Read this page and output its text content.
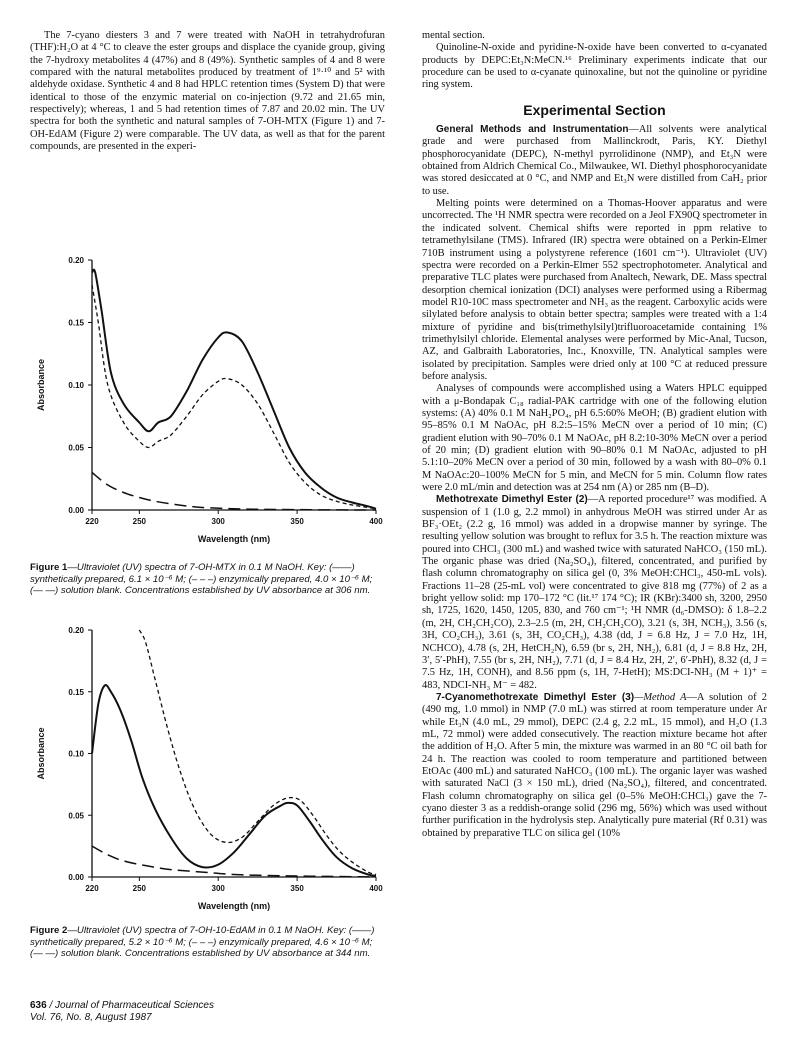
The 7-cyano diesters 3 and 7 were treated with NaOH in tetrahydrofuran (THF):H₂O at 4 °C to cleave the ester groups and displace the cyanide group, giving the 7-hydroxy metabolites 4 (47%) and 8 (49%). Synthetic samples of 4 and 8 were compared with the natural metabolites produced by treatment of 1⁹·¹⁰ and 5² with aldehyde oxidase. Synthetic 4 and 8 had HPLC retention times (System D) that were identical to those of the enzymic material on co-injection (9.72 and 21.65 min, respectively); whereas, 1 and 5 had retention times of 7.87 and 20.02 min. The UV spectra for both the synthetic and natural samples of 7-OH-MTX (Figure 1) and 7-OH-EdAM (Figure 2) were comparable. The UV data, as well as that for the parent compounds, are presented in the experi-

220	250	300	350	400
0.00
0.05
0.10
0.15
0.20
Wavelength (nm)
Absorbance
Figure 1—Ultraviolet (UV) spectra of 7-OH-MTX in 0.1 M NaOH. Key: (——) synthetically prepared, 6.1 × 10⁻⁶ M; (– – –) enzymically prepared, 4.0 × 10⁻⁶ M; (— —) solution blank. Concentrations established by UV absorbance at 306 nm.
220	250	300	350	400
0.00
0.05
0.10
0.15
0.20
Wavelength (nm)
Absorbance
Figure 2—Ultraviolet (UV) spectra of 7-OH-10-EdAM in 0.1 M NaOH. Key: (——) synthetically prepared, 5.2 × 10⁻⁶ M; (– – –) enzymically prepared, 4.6 × 10⁻⁶ M; (— —) solution blank. Concentrations established by UV absorbance at 344 nm.

mental section.

Quinoline-N-oxide and pyridine-N-oxide have been converted to α-cyanated products by DEPC:Et₃N:MeCN.¹⁶ Preliminary experiments indicate that our procedure can be used to α-cyanate quinoxaline, but not the quinoline or pyridine ring system.

Experimental Section

General Methods and Instrumentation—All solvents were analytical grade and were purchased from Mallinckrodt, Paris, KY. Diethyl phosphorocyanidate (DEPC), N-methyl pyrrolidinone (NMP), and Et₃N were obtained from Aldrich Chemical Co., Milwaukee, WI. Diethyl phosphorocyanidate was stored desiccated at 0 °C, and NMP and Et₃N were distilled from CaH₂ prior to use.

Melting points were determined on a Thomas-Hoover apparatus and were uncorrected. The ¹H NMR spectra were recorded on a Jeol FX90Q spectrometer in the indicated solvent. Chemical shifts were reported in ppm relative to tetramethylsilane (TMS). Infrared (IR) spectra were obtained on a Perkin-Elmer 710B instrument using a polystyrene reference (1601 cm⁻¹). Ultraviolet (UV) spectra were recorded on a Perkin-Elmer 552 spectrophotometer. Analytical and preparative TLC plates were purchased from Analtech, Newark, DE. Mass spectral desorption chemical ionization (DCI) analyses were performed using a Ribermag model R10-10C mass spectrometer and NH₃ as the reagent. Carboxylic acids were silylated before analysis to obtain better spectra; samples were treated with a 1:4 mixture of pyridine and bis(trimethylsilyl)trifluoroacetamide containing 1% trimethylsilyl chloride. Elemental analyses were performed by Mic-Anal, Tucson, AZ, and Galbraith Laboratories, Inc., Knoxville, TN. Analytical samples were isolated by precipitation. Samples were dried only at 100 °C at reduced pressure before analysis.

Analyses of compounds were accomplished using a Waters HPLC equipped with a μ-Bondapak C₁₈ radial-PAK cartridge with one of the following elution systems: (A) 40% 0.1 M NaH₂PO₄, pH 6.5:60% MeOH; (B) gradient elution with 95–85% 0.1 M NaOAc, pH 8.2:5–15% MeCN over a period of 10 min; (C) gradient elution with 90–70% 0.1 M NaOAc, pH 8.2:10-30% MeCN over a period of 20 min; (D) gradient elution with 90–80% 0.1 M NaOAc, adjusted to pH 5.1:10–20% MeCN over a period of 30 min, followed by a wash with 80–0% 0.1 M NaOAc:20–100% MeCN for 5 min, and MeCN for 5 min. Column flow rates were 2.0 mL/min and detection was at 254 nm (A) or 285 nm (B–D).

Methotrexate Dimethyl Ester (2)—A reported procedure¹⁷ was modified. A suspension of 1 (1.0 g, 2.2 mmol) in anhydrous MeOH was stirred under Ar as BF₃·OEt₂ (2.2 g, 16 mmol) was added in a dropwise manner by syringe. The resulting yellow solution was brought to reflux for 3.5 h. The reaction mixture was poured into CHCl₃ (300 mL) and washed twice with saturated NaHCO₃ (150 mL). The organic phase was dried (Na₂SO₄), filtered, concentrated, and purified by flash column chromatography on silica gel (0, 3% MeOH:CHCl₃, 450-mL vols). Fractions 11–28 (25-mL vol) were concentrated to give 818 mg (77%) of 2 as a bright yellow solid: mp 170–172 °C (lit.¹⁷ 174 °C); IR (KBr):3400 sh, 3200, 2950 sh, 1725, 1620, 1450, 1205, 830, and 760 cm⁻¹; ¹H NMR (d₆-DMSO): δ 1.8–2.2 (m, 2H, CH₂CH₂CO), 2.3–2.5 (m, 2H, CH₂CH₂CO), 3.21 (s, 3H, NCH₃), 3.56 (s, 3H, CO₂CH₃), 3.61 (s, 3H, CO₂CH₃), 4.38 (dd, J = 6.8 Hz, J = 7.0 Hz, 1H, NCHCO), 4.78 (s, 2H, HetCH₂N), 6.59 (br s, 2H, NH₂), 6.81 (d, J = 8.8 Hz, 2H, 3′, 5′-PhH), 7.55 (br s, 2H, NH₂), 7.71 (d, J = 8.4 Hz, 2H, 2′, 6′-PhH), 8.32 (d, J = 7.5 Hz, 1H, CONH), and 8.56 ppm (s, 1H, 7-HetH); MS:DCI-NH₃ (M + 1)⁺ = 483, NDCI-NH₃ M⁻ = 482.

7-Cyanomethotrexate Dimethyl Ester (3)—Method A—A solution of 2 (490 mg, 1.0 mmol) in NMP (7.0 mL) was stirred at room temperature under Ar while Et₃N (4.0 mL, 29 mmol), DEPC (2.4 g, 2.2 mL, 15 mmol), and H₂O (1.3 mL, 72 mmol) were added consecutively. The reaction mixture became hot after the addition of H₂O. After 5 min, the mixture was warmed in an 80 °C oil bath for 24 h. The reaction was cooled to room temperature and partitioned between EtOAc (400 mL) and saturated NaHCO₃ (100 mL). The organic layer was washed with saturated NaCl (3 × 150 mL), dried (Na₂SO₄), filtered, and concentrated. Flash column chromatography on silica gel (0–5% MeOH:CHCl₃) gave the 7-cyano diester 3 as a reddish-orange solid (296 mg, 56%) which was used without further purification in the hydrolysis step. Analytically pure material (Rf 0.31) was obtained by preparative TLC on silica gel (10%

636 / Journal of Pharmaceutical Sciences
Vol. 76, No. 8, August 1987
